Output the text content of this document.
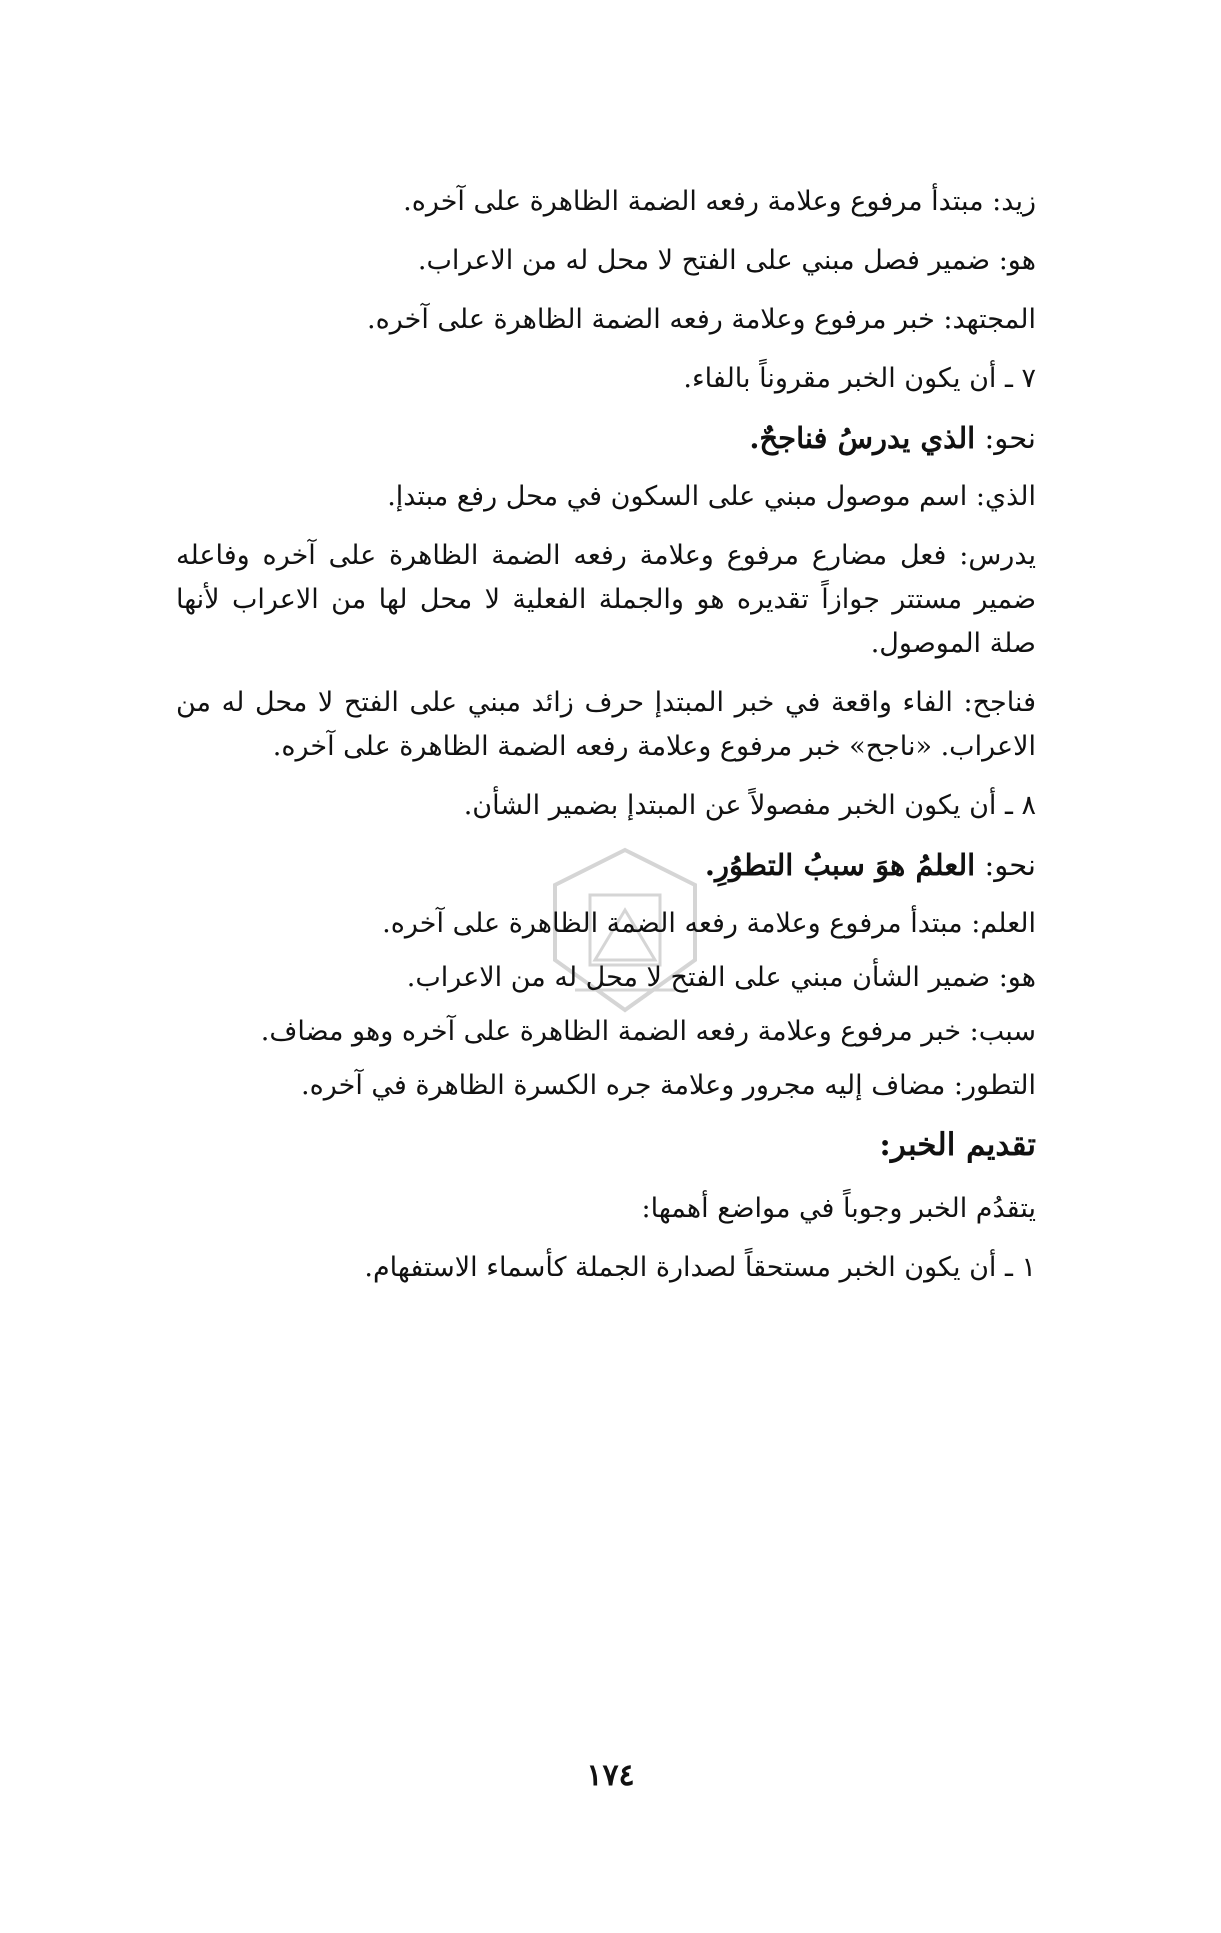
زيد: مبتدأ مرفوع وعلامة رفعه الضمة الظاهرة على آخره.
هو: ضمير فصل مبني على الفتح لا محل له من الاعراب.
المجتهد: خبر مرفوع وعلامة رفعه الضمة الظاهرة على آخره.
٧ ـ أن يكون الخبر مقروناً بالفاء.
نحو: الذي يدرسُ فناجحٌ.
الذي: اسم موصول مبني على السكون في محل رفع مبتدإ.
يدرس: فعل مضارع مرفوع وعلامة رفعه الضمة الظاهرة على آخره وفاعله ضمير مستتر جوازاً تقديره هو والجملة الفعلية لا محل لها من الاعراب لأنها صلة الموصول.
فناجح: الفاء واقعة في خبر المبتدإ حرف زائد مبني على الفتح لا محل له من الاعراب. «ناجح» خبر مرفوع وعلامة رفعه الضمة الظاهرة على آخره.
٨ ـ أن يكون الخبر مفصولاً عن المبتدإ بضمير الشأن.
نحو: العلمُ هوَ سببُ التطوُرِ.
العلم: مبتدأ مرفوع وعلامة رفعه الضمة الظاهرة على آخره.
هو: ضمير الشأن مبني على الفتح لا محل له من الاعراب.
سبب: خبر مرفوع وعلامة رفعه الضمة الظاهرة على آخره وهو مضاف.
التطور: مضاف إليه مجرور وعلامة جره الكسرة الظاهرة في آخره.
تقديم الخبر:
يتقدُم الخبر وجوباً في مواضع أهمها:
١ ـ أن يكون الخبر مستحقاً لصدارة الجملة كأسماء الاستفهام.
١٧٤
